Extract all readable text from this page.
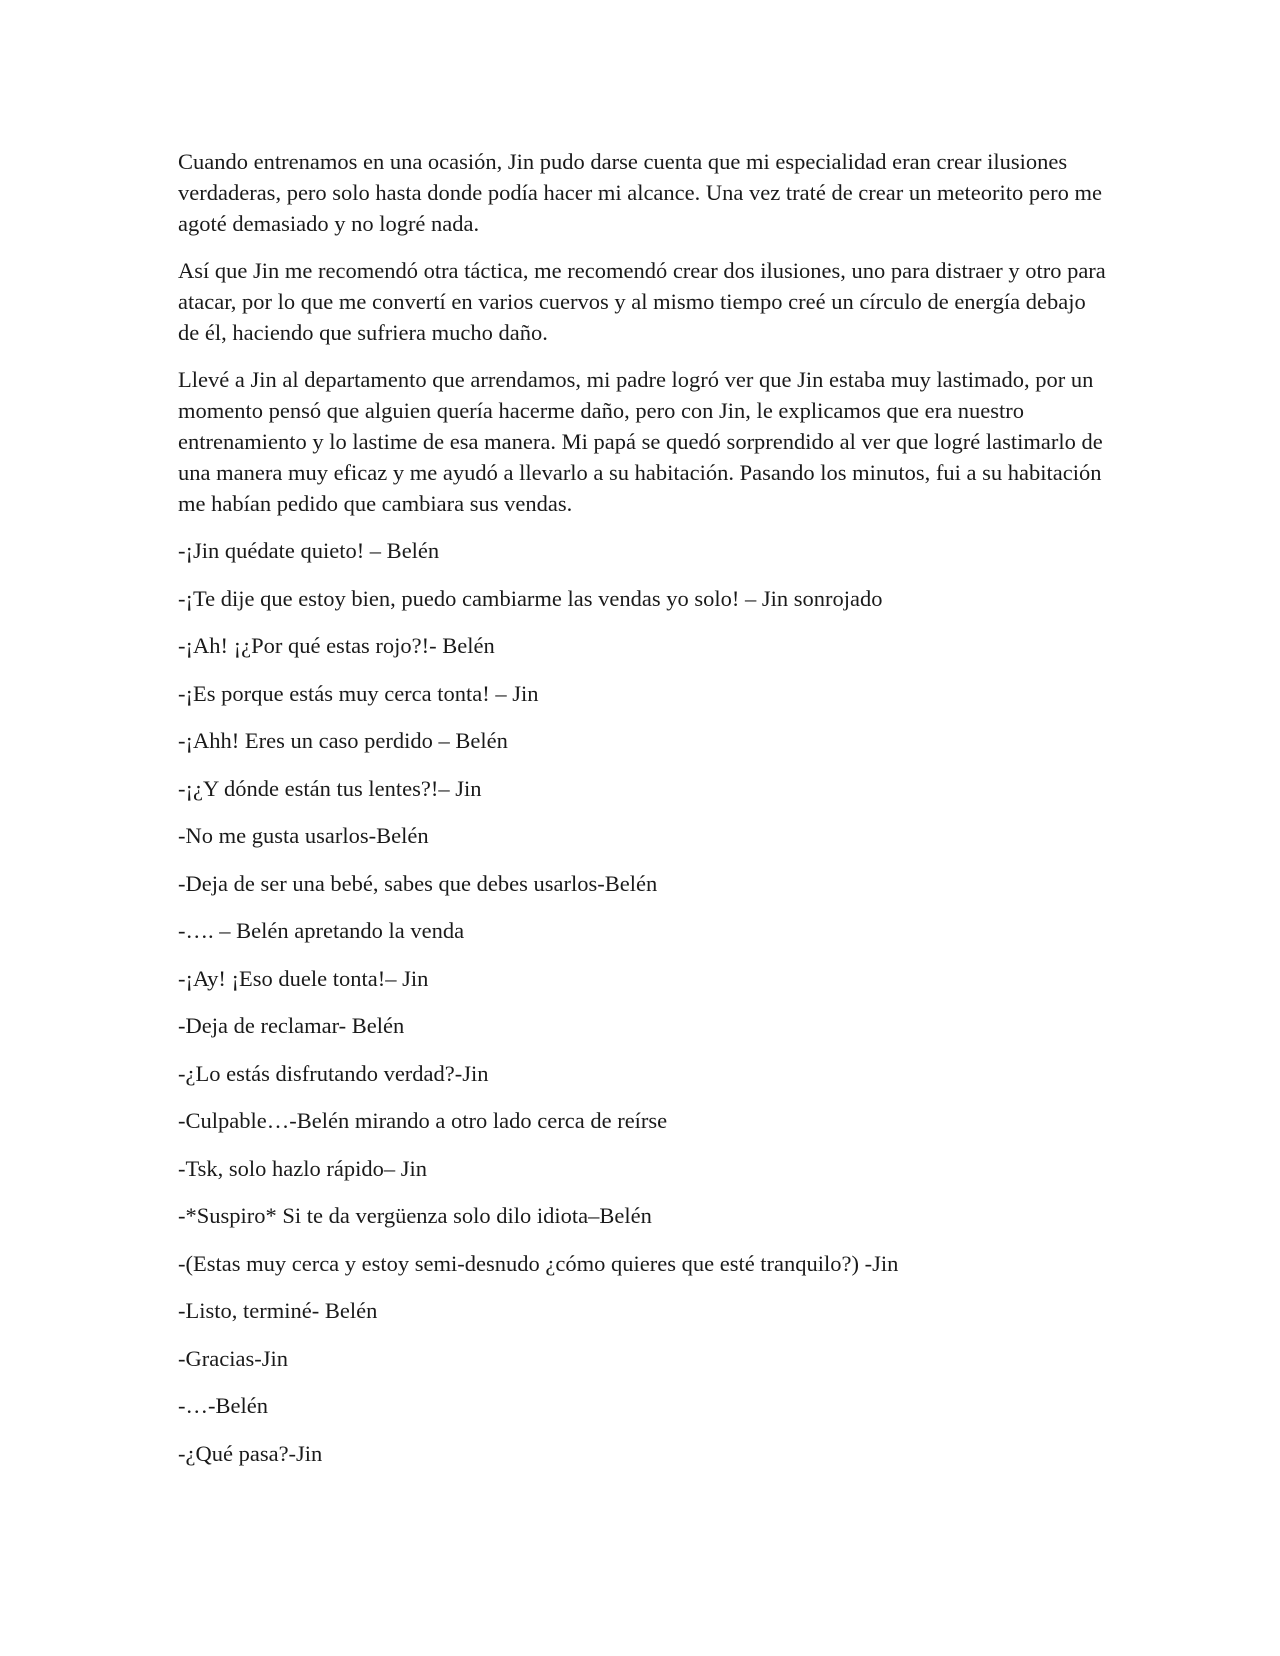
Cuando entrenamos en una ocasión, Jin pudo darse cuenta que mi especialidad eran crear ilusiones verdaderas, pero solo hasta donde podía hacer mi alcance. Una vez traté de crear un meteorito pero me agoté demasiado y no logré nada.

Así que Jin me recomendó otra táctica, me recomendó crear dos ilusiones, uno para distraer y otro para atacar, por lo que me convertí en varios cuervos y al mismo tiempo creé un círculo de energía debajo de él, haciendo que sufriera mucho daño.

Llevé a Jin al departamento que arrendamos, mi padre logró ver que Jin estaba muy lastimado, por un momento pensó que alguien quería hacerme daño, pero con Jin, le explicamos que era nuestro entrenamiento y lo lastime de esa manera. Mi papá se quedó sorprendido al ver que logré lastimarlo de una manera muy eficaz y me ayudó a llevarlo a su habitación. Pasando los minutos, fui a su habitación me habían pedido que cambiara sus vendas.

-¡Jin quédate quieto! – Belén

-¡Te dije que estoy bien, puedo cambiarme las vendas yo solo! – Jin sonrojado

-¡Ah! ¡¿Por qué estas rojo?!- Belén

-¡Es porque estás muy cerca tonta! – Jin

-¡Ahh! Eres un caso perdido – Belén

-¡¿Y dónde están tus lentes?!– Jin

-No me gusta usarlos-Belén

-Deja de ser una bebé, sabes que debes usarlos-Belén

-…. – Belén apretando la venda

-¡Ay! ¡Eso duele tonta!– Jin

-Deja de reclamar- Belén

-¿Lo estás disfrutando verdad?-Jin

-Culpable…-Belén mirando a otro lado cerca de reírse

-Tsk, solo hazlo rápido– Jin

-*Suspiro* Si te da vergüenza solo dilo idiota–Belén

-(Estas muy cerca y estoy semi-desnudo ¿cómo quieres que esté tranquilo?) -Jin

-Listo, terminé- Belén

-Gracias-Jin

-…-Belén

-¿Qué pasa?-Jin
